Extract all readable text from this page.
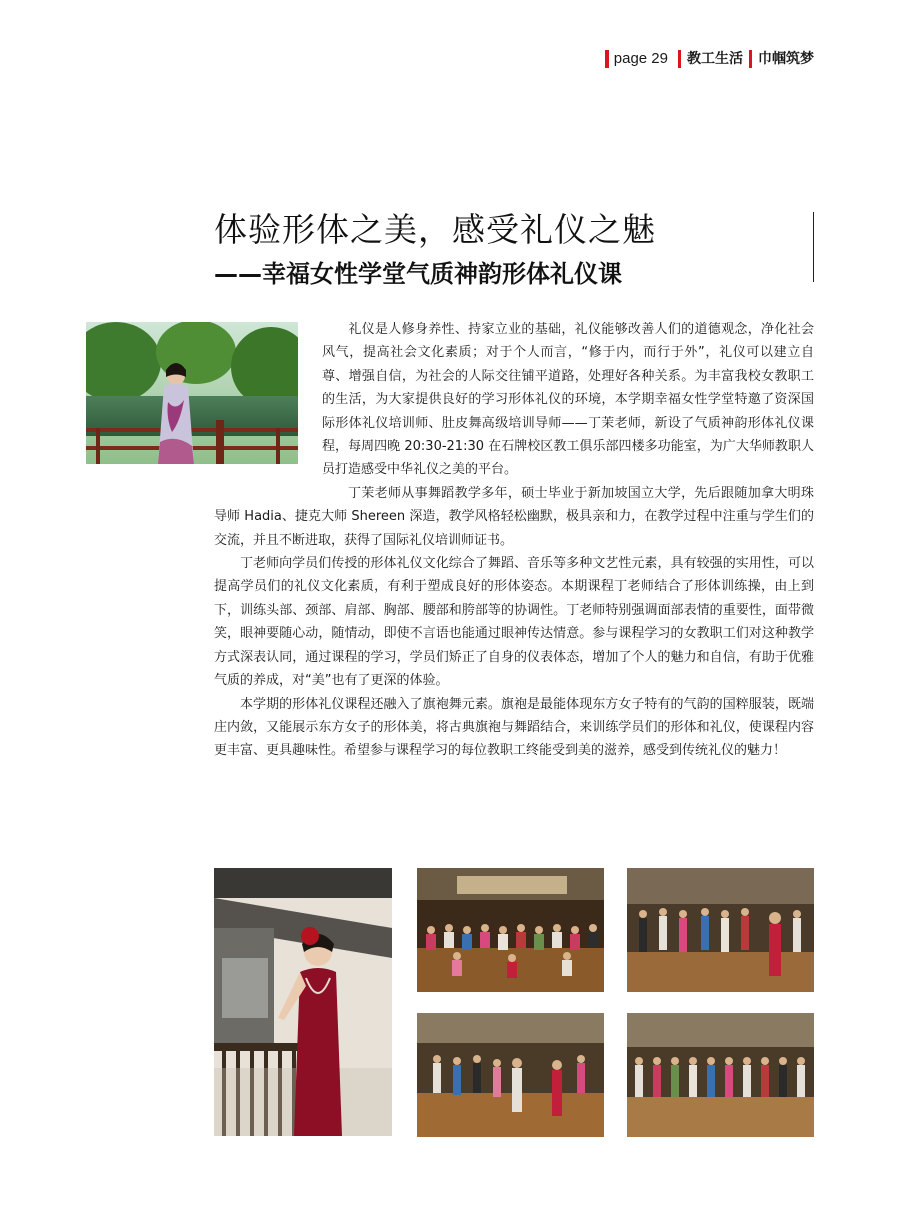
page 29 教工生活 巾帼筑梦
体验形体之美，感受礼仪之魅
——幸福女性学堂气质神韵形体礼仪课

礼仪是人修身养性、持家立业的基础，礼仪能够改善人们的道德观念，净化社会风气，提高社会文化素质；对于个人而言，“修于内，而行于外”，礼仪可以建立自尊、增强自信，为社会的人际交往铺平道路，处理好各种关系。为丰富我校女教职工的生活，为大家提供良好的学习形体礼仪的环境，本学期幸福女性学堂特邀了资深国际形体礼仪培训师、肚皮舞高级培训导师——丁茉老师，新设了气质神韵形体礼仪课程，每周四晚 20:30-21:30 在石牌校区教工俱乐部四楼多功能室，为广大华师教职人员打造感受中华礼仪之美的平台。

丁茉老师从事舞蹈教学多年，硕士毕业于新加坡国立大学，先后跟随加拿大明珠导师 Hadia、捷克大师 Shereen 深造，教学风格轻松幽默，极具亲和力，在教学过程中注重与学生们的交流，并且不断进取，获得了国际礼仪培训师证书。

丁老师向学员们传授的形体礼仪文化综合了舞蹈、音乐等多种文艺性元素，具有较强的实用性，可以提高学员们的礼仪文化素质，有利于塑成良好的形体姿态。本期课程丁老师结合了形体训练操，由上到下，训练头部、颈部、肩部、胸部、腰部和胯部等的协调性。丁老师特别强调面部表情的重要性，面带微笑，眼神要随心动，随情动，即使不言语也能通过眼神传达情意。参与课程学习的女教职工们对这种教学方式深表认同，通过课程的学习，学员们矫正了自身的仪表体态，增加了个人的魅力和自信，有助于优雅气质的养成，对“美”也有了更深的体验。

本学期的形体礼仪课程还融入了旗袍舞元素。旗袍是最能体现东方女子特有的气韵的国粹服装，既端庄内敛，又能展示东方女子的形体美，将古典旗袍与舞蹈结合，来训练学员们的形体和礼仪，使课程内容更丰富、更具趣味性。希望参与课程学习的每位教职工终能受到美的滋养，感受到传统礼仪的魅力！
